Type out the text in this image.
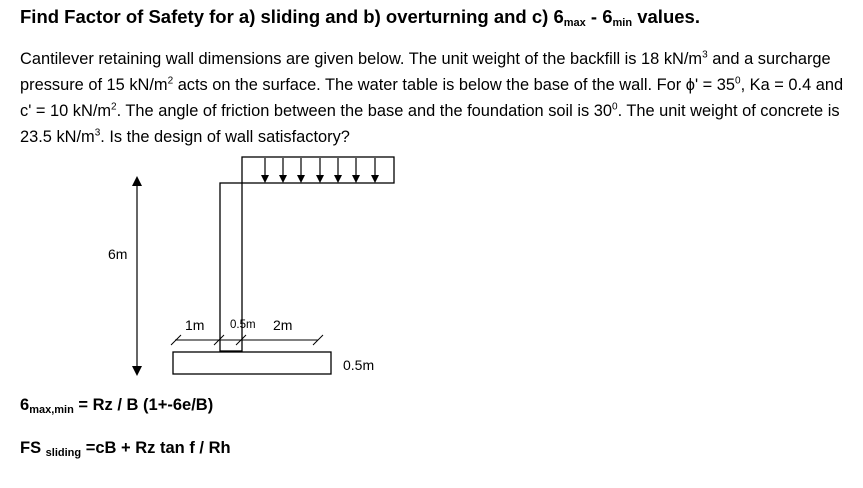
Find Factor of Safety for a) sliding and b) overturning and c) $6_{max} - 6_{min}$ values.
Cantilever retaining wall dimensions are given below. The unit weight of the backfill is 18 $kN/m^3$ and a surcharge pressure of 15 $kN/m^2$ acts on the surface. The water table is below the base of the wall. For $\phi' = 35^0$, Ka = 0.4 and c' = 10 $kN/m^2$. The angle of friction between the base and the foundation soil is $30^0$. The unit weight of concrete is 23.5 $kN/m^3$. Is the design of wall satisfactory?
6m
1m 0.5m 2m
0.5m
$6_{max,min} = Rz / B$ (1+-6e/B)
FS $_{sliding}$ =cB + Rz tan f / Rh
